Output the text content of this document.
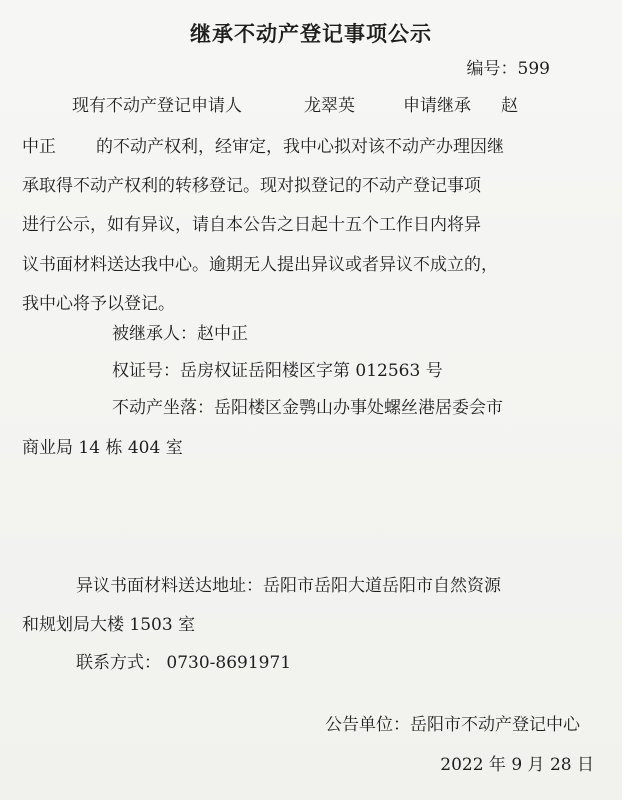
继承不动产登记事项公示
编号：599
现有不动产登记申请人	龙翠英	申请继承 赵
中正 的不动产权利，经审定，我中心拟对该不动产办理因继
承取得不动产权利的转移登记。现对拟登记的不动产登记事项
进行公示，如有异议，请自本公告之日起十五个工作日内将异
议书面材料送达我中心。逾期无人提出异议或者异议不成立的，
我中心将予以登记。
被继承人：赵中正
权证号：岳房权证岳阳楼区字第 012563 号
不动产坐落：岳阳楼区金鹗山办事处螺丝港居委会市
商业局 14 栋 404 室
异议书面材料送达地址：岳阳市岳阳大道岳阳市自然资源
和规划局大楼 1503 室
联系方式： 0730-8691971
公告单位：岳阳市不动产登记中心
2022 年 9 月 28 日
